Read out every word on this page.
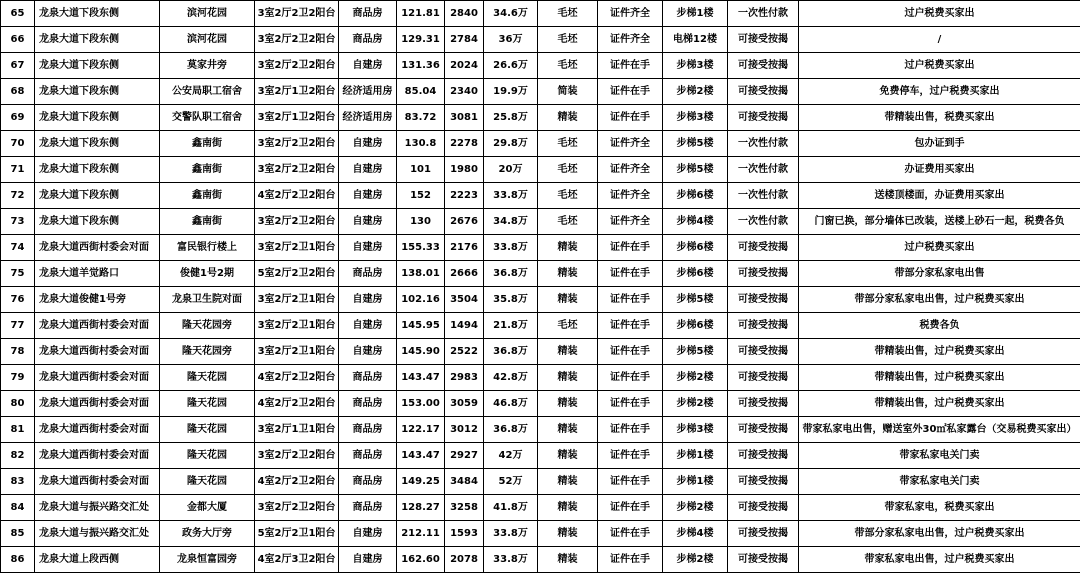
65	龙泉大道下段东侧	滨河花园	3室2厅2卫2阳台	商品房	121.81	2840	34.6万	毛坯	证件齐全	步梯1楼	一次性付款	过户税费买家出
66	龙泉大道下段东侧	滨河花园	3室2厅2卫2阳台	商品房	129.31	2784	36万	毛坯	证件齐全	电梯12楼	可接受按揭	/
67	龙泉大道下段东侧	莫家井旁	3室2厅2卫2阳台	自建房	131.36	2024	26.6万	毛坯	证件在手	步梯3楼	可接受按揭	过户税费买家出
68	龙泉大道下段东侧	公安局职工宿舍	3室2厅1卫2阳台	经济适用房	85.04	2340	19.9万	简装	证件在手	步梯2楼	可接受按揭	免费停车，过户税费买家出
69	龙泉大道下段东侧	交警队职工宿舍	3室2厅1卫2阳台	经济适用房	83.72	3081	25.8万	精装	证件在手	步梯3楼	可接受按揭	带精装出售，税费买家出
70	龙泉大道下段东侧	鑫南街	3室2厅2卫2阳台	自建房	130.8	2278	29.8万	毛坯	证件齐全	步梯5楼	一次性付款	包办证到手
71	龙泉大道下段东侧	鑫南街	3室2厅2卫2阳台	自建房	101	1980	20万	毛坯	证件齐全	步梯5楼	一次性付款	办证费用买家出
72	龙泉大道下段东侧	鑫南街	4室2厅2卫2阳台	自建房	152	2223	33.8万	毛坯	证件齐全	步梯6楼	一次性付款	送楼顶楼面，办证费用买家出
73	龙泉大道下段东侧	鑫南街	3室2厅2卫2阳台	自建房	130	2676	34.8万	毛坯	证件齐全	步梯4楼	一次性付款	门窗已换，部分墙体已改装，送楼上砂石一起，税费各负
74	龙泉大道西街村委会对面	富民银行楼上	3室2厅2卫1阳台	自建房	155.33	2176	33.8万	精装	证件在手	步梯6楼	可接受按揭	过户税费买家出
75	龙泉大道羊觉路口	俊健1号2期	5室2厅2卫2阳台	商品房	138.01	2666	36.8万	精装	证件在手	步梯6楼	可接受按揭	带部分家私家电出售
76	龙泉大道俊健1号旁	龙泉卫生院对面	3室2厅2卫1阳台	自建房	102.16	3504	35.8万	精装	证件在手	步梯5楼	可接受按揭	带部分家私家电出售，过户税费买家出
77	龙泉大道西街村委会对面	隆天花园旁	3室2厅2卫1阳台	自建房	145.95	1494	21.8万	毛坯	证件在手	步梯6楼	可接受按揭	税费各负
78	龙泉大道西街村委会对面	隆天花园旁	3室2厅2卫1阳台	自建房	145.90	2522	36.8万	精装	证件在手	步梯5楼	可接受按揭	带精装出售，过户税费买家出
79	龙泉大道西街村委会对面	隆天花园	4室2厅2卫2阳台	商品房	143.47	2983	42.8万	精装	证件在手	步梯2楼	可接受按揭	带精装出售，过户税费买家出
80	龙泉大道西街村委会对面	隆天花园	4室2厅2卫2阳台	商品房	153.00	3059	46.8万	精装	证件在手	步梯2楼	可接受按揭	带精装出售，过户税费买家出
81	龙泉大道西街村委会对面	隆天花园	3室2厅1卫1阳台	商品房	122.17	3012	36.8万	精装	证件在手	步梯3楼	可接受按揭	带家私家电出售，赠送室外30㎡私家露台（交易税费买家出）
82	龙泉大道西街村委会对面	隆天花园	3室2厅2卫2阳台	商品房	143.47	2927	42万	精装	证件在手	步梯1楼	可接受按揭	带家私家电关门卖
83	龙泉大道西街村委会对面	隆天花园	4室2厅2卫2阳台	商品房	149.25	3484	52万	精装	证件在手	步梯1楼	可接受按揭	带家私家电关门卖
84	龙泉大道与振兴路交汇处	金都大厦	3室2厅2卫2阳台	商品房	128.27	3258	41.8万	精装	证件在手	步梯2楼	可接受按揭	带家私家电，税费买家出
85	龙泉大道与振兴路交汇处	政务大厅旁	5室2厅2卫1阳台	自建房	212.11	1593	33.8万	精装	证件在手	步梯4楼	可接受按揭	带部分家私家电出售，过户税费买家出
86	龙泉大道上段西侧	龙泉恒富园旁	4室2厅3卫2阳台	自建房	162.60	2078	33.8万	精装	证件在手	步梯2楼	可接受按揭	带家私家电出售，过户税费买家出
